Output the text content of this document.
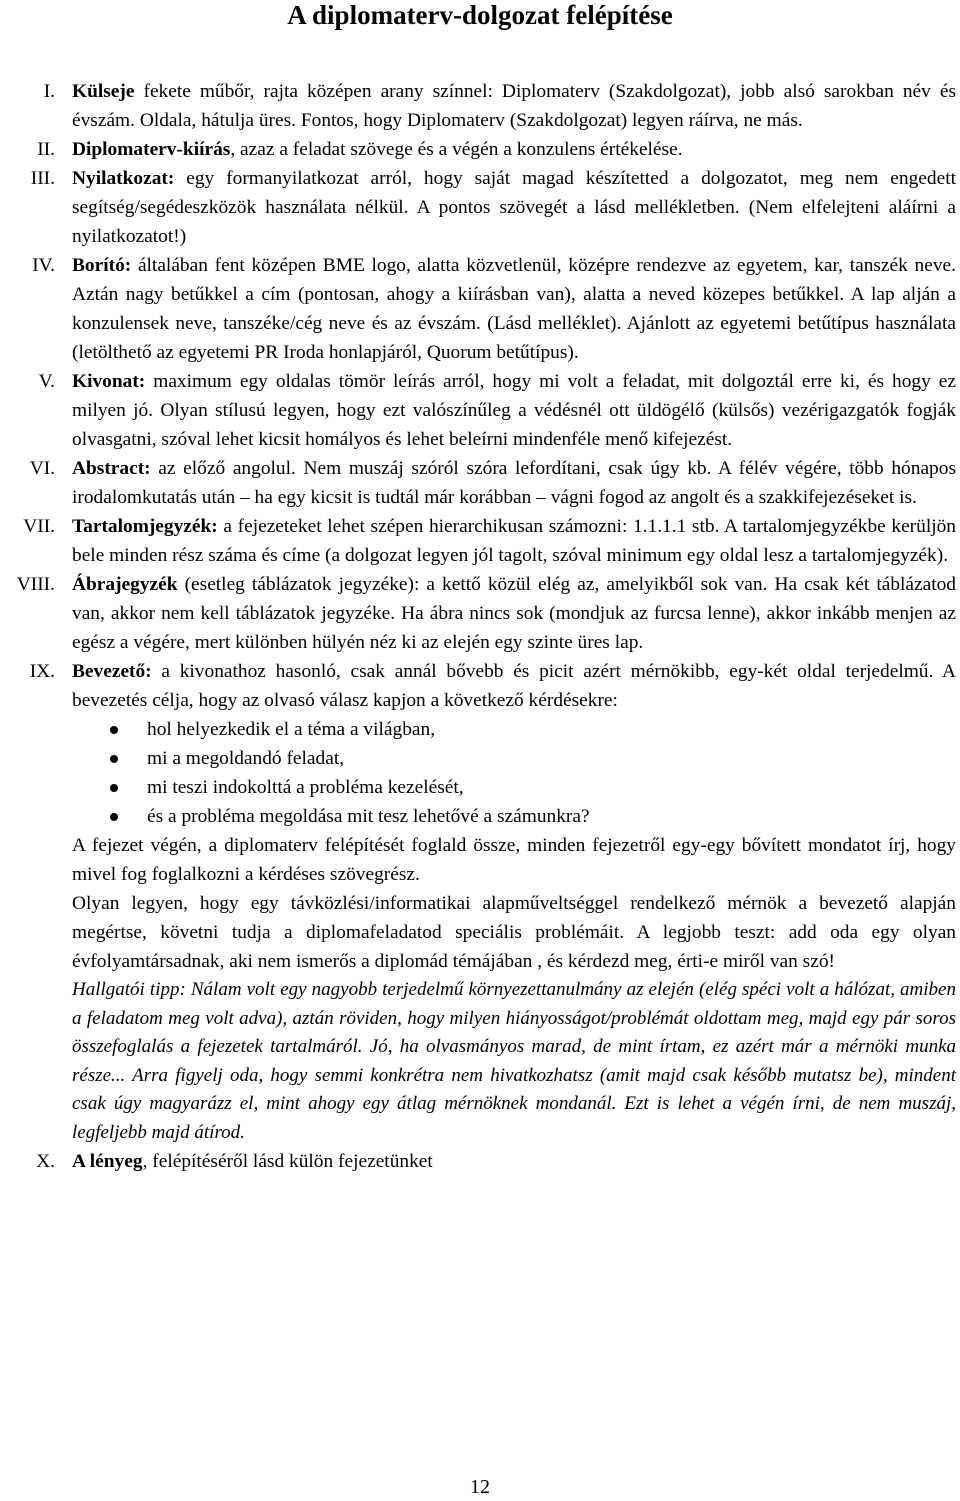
A diplomaterv-dolgozat felépítése
I. Külseje fekete műbőr, rajta középen arany színnel: Diplomaterv (Szakdolgozat), jobb alsó sarokban név és évszám. Oldala, hátulja üres. Fontos, hogy Diplomaterv (Szakdolgozat) legyen ráírva, ne más.
II. Diplomaterv-kiírás, azaz a feladat szövege és a végén a konzulens értékelése.
III. Nyilatkozat: egy formanyilatkozat arról, hogy saját magad készítetted a dolgozatot, meg nem engedett segítség/segédeszközök használata nélkül. A pontos szövegét a lásd mellékletben. (Nem elfelejteni aláírni a nyilatkozatot!)
IV. Borító: általában fent középen BME logo, alatta közvetlenül, középre rendezve az egyetem, kar, tanszék neve. Aztán nagy betűkkel a cím (pontosan, ahogy a kiírásban van), alatta a neved közepes betűkkel. A lap alján a konzulensek neve, tanszéke/cég neve és az évszám. (Lásd melléklet). Ajánlott az egyetemi betűtípus használata (letölthető az egyetemi PR Iroda honlapjáról, Quorum betűtípus).
V. Kivonat: maximum egy oldalas tömör leírás arról, hogy mi volt a feladat, mit dolgoztál erre ki, és hogy ez milyen jó. Olyan stílusú legyen, hogy ezt valószínűleg a védésnél ott üldögélő (külsős) vezérigazgatók fogják olvasgatni, szóval lehet kicsit homályos és lehet beleírni mindenféle menő kifejezést.
VI. Abstract: az előző angolul. Nem muszáj szóról szóra lefordítani, csak úgy kb. A félév végére, több hónapos irodalomkutatás után – ha egy kicsit is tudtál már korábban – vágni fogod az angolt és a szakkifejezéseket is.
VII. Tartalomjegyzék: a fejezeteket lehet szépen hierarchikusan számozni: 1.1.1.1 stb. A tartalomjegyzékbe kerüljön bele minden rész száma és címe (a dolgozat legyen jól tagolt, szóval minimum egy oldal lesz a tartalomjegyzék).
VIII. Ábrajegyzék (esetleg táblázatok jegyzéke): a kettő közül elég az, amelyikből sok van. Ha csak két táblázatod van, akkor nem kell táblázatok jegyzéke. Ha ábra nincs sok (mondjuk az furcsa lenne), akkor inkább menjen az egész a végére, mert különben hülyén néz ki az elején egy szinte üres lap.
IX. Bevezető: a kivonathoz hasonló, csak annál bővebb és picit azért mérnökibb, egy-két oldal terjedelmű. A bevezetés célja, hogy az olvasó válasz kapjon a következő kérdésekre:
hol helyezkedik el a téma a világban,
mi a megoldandó feladat,
mi teszi indokolttá a probléma kezelését,
és a probléma megoldása mit tesz lehetővé a számunkra?

A fejezet végén, a diplomaterv felépítését foglald össze, minden fejezetről egy-egy bővített mondatot írj, hogy mivel fog foglalkozni a kérdéses szövegrész.

Olyan legyen, hogy egy távközlési/informatikai alapműveltséggel rendelkező mérnök a bevezető alapján megértse, követni tudja a diplomafeladatod speciális problémáit. A legjobb teszt: add oda egy olyan évfolyamtársadnak, aki nem ismerős a diplomád témájában , és kérdezd meg, érti-e miről van szó!

Hallgatói tipp: Nálam volt egy nagyobb terjedelmű környezettanulmány az elején (elég spéci volt a hálózat, amiben a feladatom meg volt adva), aztán röviden, hogy milyen hiányosságot/problémát oldottam meg, majd egy pár soros összefoglalás a fejezetek tartalmáról. Jó, ha olvasmányos marad, de mint írtam, ez azért már a mérnöki munka része... Arra figyelj oda, hogy semmi konkrétra nem hivatkozhatsz (amit majd csak később mutatsz be), mindent csak úgy magyarázz el, mint ahogy egy átlag mérnöknek mondanál. Ezt is lehet a végén írni, de nem muszáj, legfeljebb majd átírod.

X. A lényeg, felépítéséről lásd külön fejezetünket
12
